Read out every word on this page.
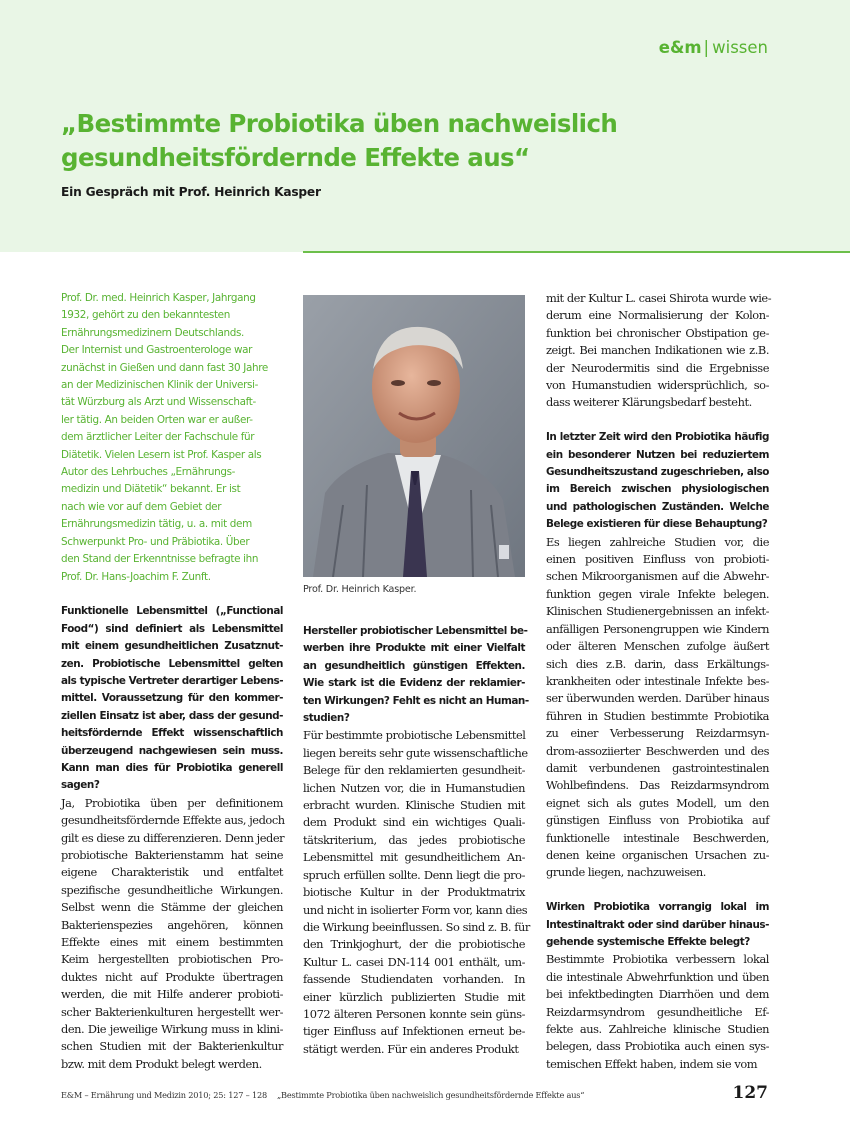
e&m | wissen
„Bestimmte Probiotika üben nachweislich
gesundheitsfördernde Effekte aus“
Ein Gespräch mit Prof. Heinrich Kasper

Prof. Dr. med. Heinrich Kasper, Jahrgang
1932, gehört zu den bekanntesten
Ernährungsmedizinern Deutschlands.
Der Internist und Gastroenterologe war
zunächst in Gießen und dann fast 30 Jahre
an der Medizinischen Klinik der Universi-
tät Würzburg als Arzt und Wissenschaft-
ler tätig. An beiden Orten war er außer-
dem ärztlicher Leiter der Fachschule für
Diätetik. Vielen Lesern ist Prof. Kasper als
Autor des Lehrbuches „Ernährungs-
medizin und Diätetik“ bekannt. Er ist
nach wie vor auf dem Gebiet der
Ernährungsmedizin tätig, u. a. mit dem
Schwerpunkt Pro- und Präbiotika. Über
den Stand der Erkenntnisse befragte ihn
Prof. Dr. Hans-Joachim F. Zunft.

Funktionelle Lebensmittel („Functional
Food“) sind definiert als Lebensmittel
mit einem gesundheitlichen Zusatznut-
zen. Probiotische Lebensmittel gelten
als typische Vertreter derartiger Lebens-
mittel. Voraussetzung für den kommer-
ziellen Einsatz ist aber, dass der gesund-
heitsfördernde Effekt wissenschaftlich
überzeugend nachgewiesen sein muss.
Kann man dies für Probiotika generell
sagen?

Ja, Probiotika üben per definitionem
gesundheitsfördernde Effekte aus, jedoch
gilt es diese zu differenzieren. Denn jeder
probiotische Bakterienstamm hat seine
eigene Charakteristik und entfaltet
spezifische gesundheitliche Wirkungen.
Selbst wenn die Stämme der gleichen
Bakterienspezies angehören, können
Effekte eines mit einem bestimmten
Keim hergestellten probiotischen Pro-
duktes nicht auf Produkte übertragen
werden, die mit Hilfe anderer probioti-
scher Bakterienkulturen hergestellt wer-
den. Die jeweilige Wirkung muss in klini-
schen Studien mit der Bakterienkultur
bzw. mit dem Produkt belegt werden.

Prof. Dr. Heinrich Kasper.

Hersteller probiotischer Lebensmittel be-
werben ihre Produkte mit einer Vielfalt
an gesundheitlich günstigen Effekten.
Wie stark ist die Evidenz der reklamier-
ten Wirkungen? Fehlt es nicht an Human-
studien?

Für bestimmte probiotische Lebensmittel
liegen bereits sehr gute wissenschaftliche
Belege für den reklamierten gesundheit-
lichen Nutzen vor, die in Humanstudien
erbracht wurden. Klinische Studien mit
dem Produkt sind ein wichtiges Quali-
tätskriterium, das jedes probiotische
Lebensmittel mit gesundheitlichem An-
spruch erfüllen sollte. Denn liegt die pro-
biotische Kultur in der Produktmatrix
und nicht in isolierter Form vor, kann dies
die Wirkung beeinflussen. So sind z. B. für
den Trinkjoghurt, der die probiotische
Kultur L. casei DN-114 001 enthält, um-
fassende Studiendaten vorhanden. In
einer kürzlich publizierten Studie mit
1072 älteren Personen konnte sein güns-
tiger Einfluss auf Infektionen erneut be-
stätigt werden. Für ein anderes Produkt

mit der Kultur L. casei Shirota wurde wie-
derum eine Normalisierung der Kolon-
funktion bei chronischer Obstipation ge-
zeigt. Bei manchen Indikationen wie z.B.
der Neurodermitis sind die Ergebnisse
von Humanstudien widersprüchlich, so-
dass weiterer Klärungsbedarf besteht.

In letzter Zeit wird den Probiotika häufig
ein besonderer Nutzen bei reduziertem
Gesundheitszustand zugeschrieben, also
im Bereich zwischen physiologischen
und pathologischen Zuständen. Welche
Belege existieren für diese Behauptung?

Es liegen zahlreiche Studien vor, die
einen positiven Einfluss von probioti-
schen Mikroorganismen auf die Abwehr-
funktion gegen virale Infekte belegen.
Klinischen Studienergebnissen an infekt-
anfälligen Personengruppen wie Kindern
oder älteren Menschen zufolge äußert
sich dies z.B. darin, dass Erkältungs-
krankheiten oder intestinale Infekte bes-
ser überwunden werden. Darüber hinaus
führen in Studien bestimmte Probiotika
zu einer Verbesserung Reizdarmsyn-
drom-assoziierter Beschwerden und des
damit verbundenen gastrointestinalen
Wohlbefindens. Das Reizdarmsyndrom
eignet sich als gutes Modell, um den
günstigen Einfluss von Probiotika auf
funktionelle intestinale Beschwerden,
denen keine organischen Ursachen zu-
grunde liegen, nachzuweisen.

Wirken Probiotika vorrangig lokal im
Intestinaltrakt oder sind darüber hinaus-
gehende systemische Effekte belegt?

Bestimmte Probiotika verbessern lokal
die intestinale Abwehrfunktion und üben
bei infektbedingten Diarrhöen und dem
Reizdarmsyndrom gesundheitliche Ef-
fekte aus. Zahlreiche klinische Studien
belegen, dass Probiotika auch einen sys-
temischen Effekt haben, indem sie vom

E&M – Ernährung und Medizin 2010; 25: 127 – 128 „Bestimmte Probiotika üben nachweislich gesundheitsfördernde Effekte aus“	127
